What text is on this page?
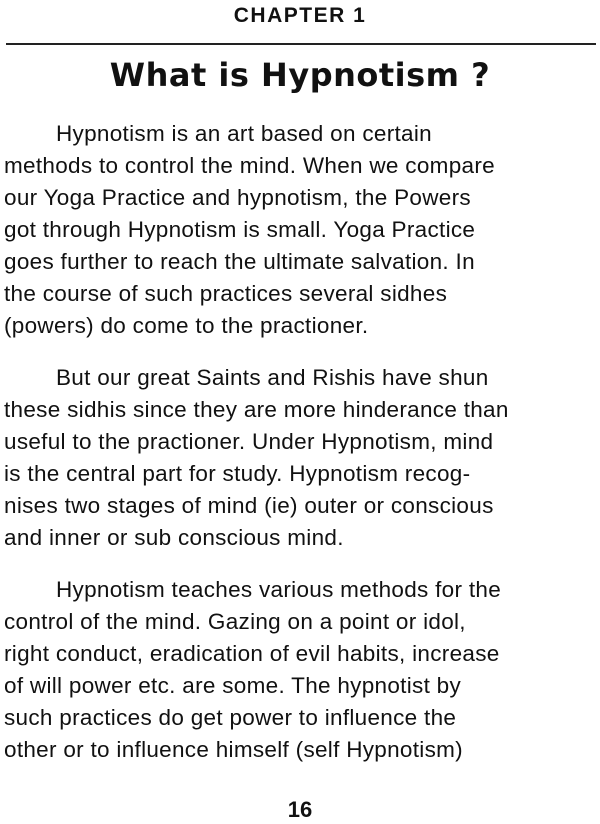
CHAPTER 1
What is Hypnotism ?

Hypnotism is an art based on certain
methods to control the mind. When we compare
our Yoga Practice and hypnotism, the Powers
got through Hypnotism is small. Yoga Practice
goes further to reach the ultimate salvation. In
the course of such practices several sidhes
(powers) do come to the practioner.

But our great Saints and Rishis have shun
these sidhis since they are more hinderance than
useful to the practioner. Under Hypnotism, mind
is the central part for study. Hypnotism recog-
nises two stages of mind (ie) outer or conscious
and inner or sub conscious mind.

Hypnotism teaches various methods for the
control of the mind. Gazing on a point or idol,
right conduct, eradication of evil habits, increase
of will power etc. are some. The hypnotist by
such practices do get power to influence the
other or to influence himself (self Hypnotism)

16
